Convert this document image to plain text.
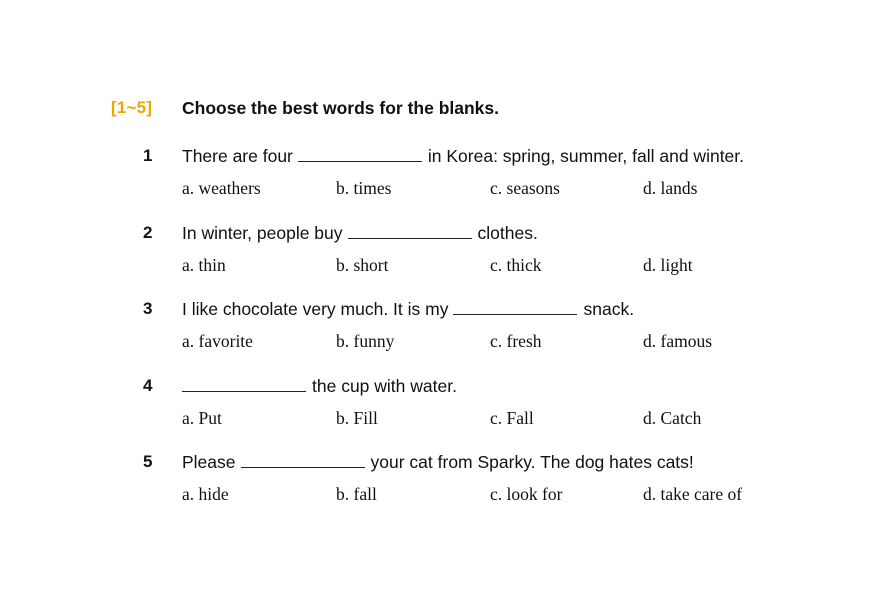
[1~5] Choose the best words for the blanks.
1 There are four	in Korea: spring, summer, fall and winter.
a. weathers	b. times	c. seasons	d. lands
2 In winter, people buy	clothes.
a. thin	b. short	c. thick	d. light
3 I like chocolate very much. It is my	snack.
a. favorite	b. funny	c. fresh	d. famous
4	the cup with water.
a. Put	b. Fill	c. Fall	d. Catch
5 Please	your cat from Sparky. The dog hates cats!
a. hide	b. fall	c. look for	d. take care of
